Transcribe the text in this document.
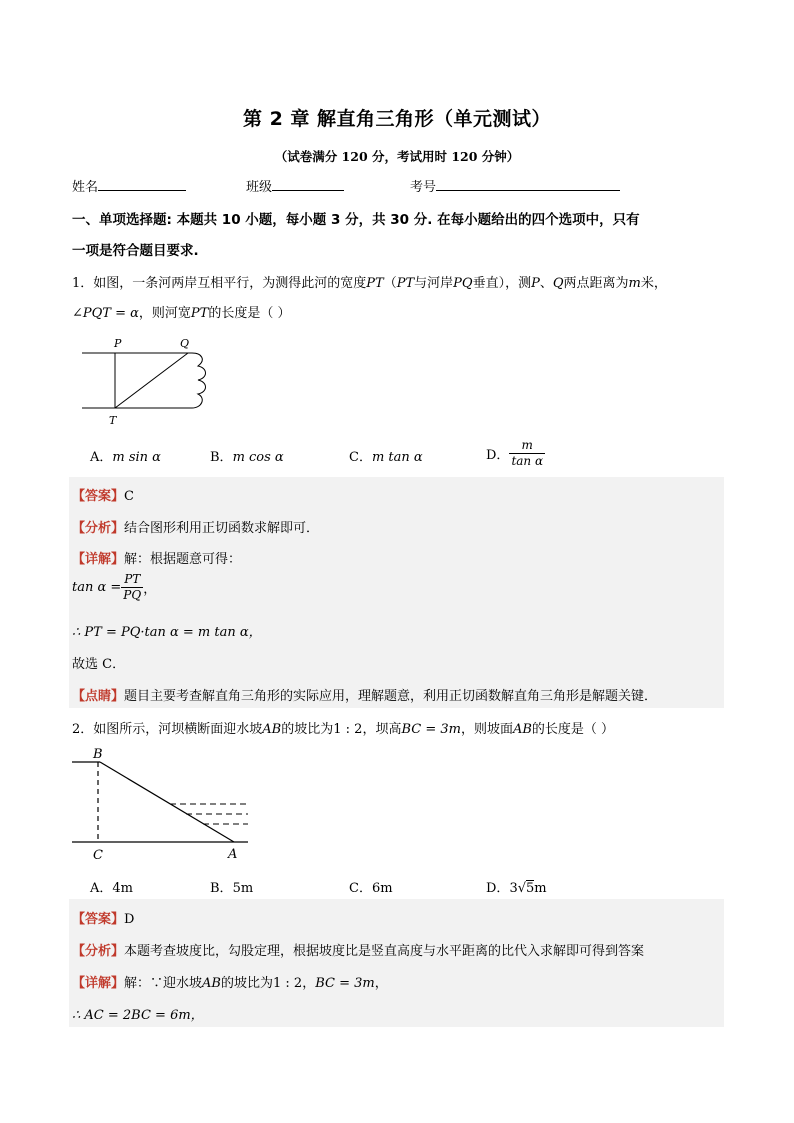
第 2 章 解直角三角形（单元测试）
（试卷满分 120 分，考试用时 120 分钟）
姓名	班级	考号
一、单项选择题: 本题共 10 小题，每小题 3 分，共 30 分. 在每小题给出的四个选项中，只有
一项是符合题目要求.
1．如图，一条河两岸互相平行，为测得此河的宽度PT（PT与河岸PQ垂直），测P、Q两点距离为m米，
∠PQT = α，则河宽PT的长度是（ ）
P	Q
T
A．m sin α	B．m cos α	C．m tan α	D． $\frac{m}{\text{tan α}}$
【答案】C
【分析】结合图形利用正切函数求解即可．
【详解】解：根据题意可得：
$\tan \alpha = \frac{PT}{PQ}$ ，
∴ PT = PQ·tan α = m tan α，
故选 C．
【点睛】题目主要考查解直角三角形的实际应用，理解题意，利用正切函数解直角三角形是解题关键．
2．如图所示，河坝横断面迎水坡AB的坡比为1 : 2，坝高BC = 3m，则坡面AB的长度是（ ）
B
C	A
A．4m	B．5m	C．6m	D．3√5m
【答案】D
【分析】本题考查坡度比，勾股定理，根据坡度比是竖直高度与水平距离的比代入求解即可得到答案
【详解】解：∵迎水坡AB的坡比为1 : 2，BC = 3m，
∴ AC = 2BC = 6m，
